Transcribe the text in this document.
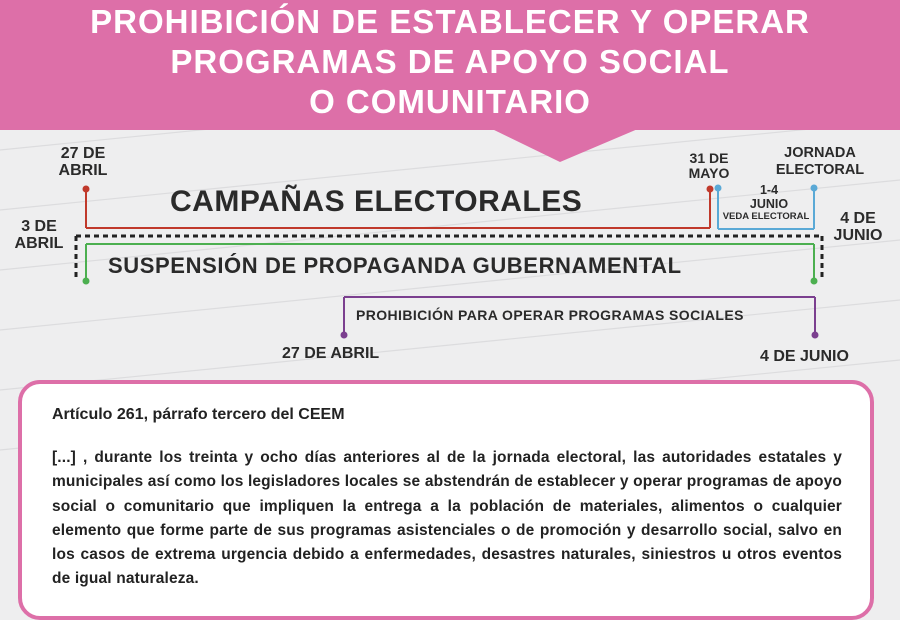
PROHIBICIÓN DE ESTABLECER Y OPERAR
PROGRAMAS DE APOYO SOCIAL
O COMUNITARIO
27 DE
ABRIL
3 DE
ABRIL
31 DE
MAYO
JORNADA
ELECTORAL
1-4
JUNIO
VEDA ELECTORAL	4 DE
JUNIO
CAMPAÑAS ELECTORALES
SUSPENSIÓN DE PROPAGANDA GUBERNAMENTAL
PROHIBICIÓN PARA OPERAR PROGRAMAS SOCIALES
27 DE ABRIL	4 DE JUNIO
Artículo 261, párrafo tercero del CEEM
[...] , durante los treinta y ocho días anteriores al de la jornada electoral, las autoridades estatales y municipales así como los legisladores locales se abstendrán de establecer y operar programas de apoyo social o comunitario que impliquen la entrega a la población de materiales, alimentos o cualquier elemento que forme parte de sus programas asistenciales o de promoción y desarrollo social, salvo en los casos de extrema urgencia debido a enfermedades, desastres naturales, siniestros u otros eventos de igual naturaleza.
